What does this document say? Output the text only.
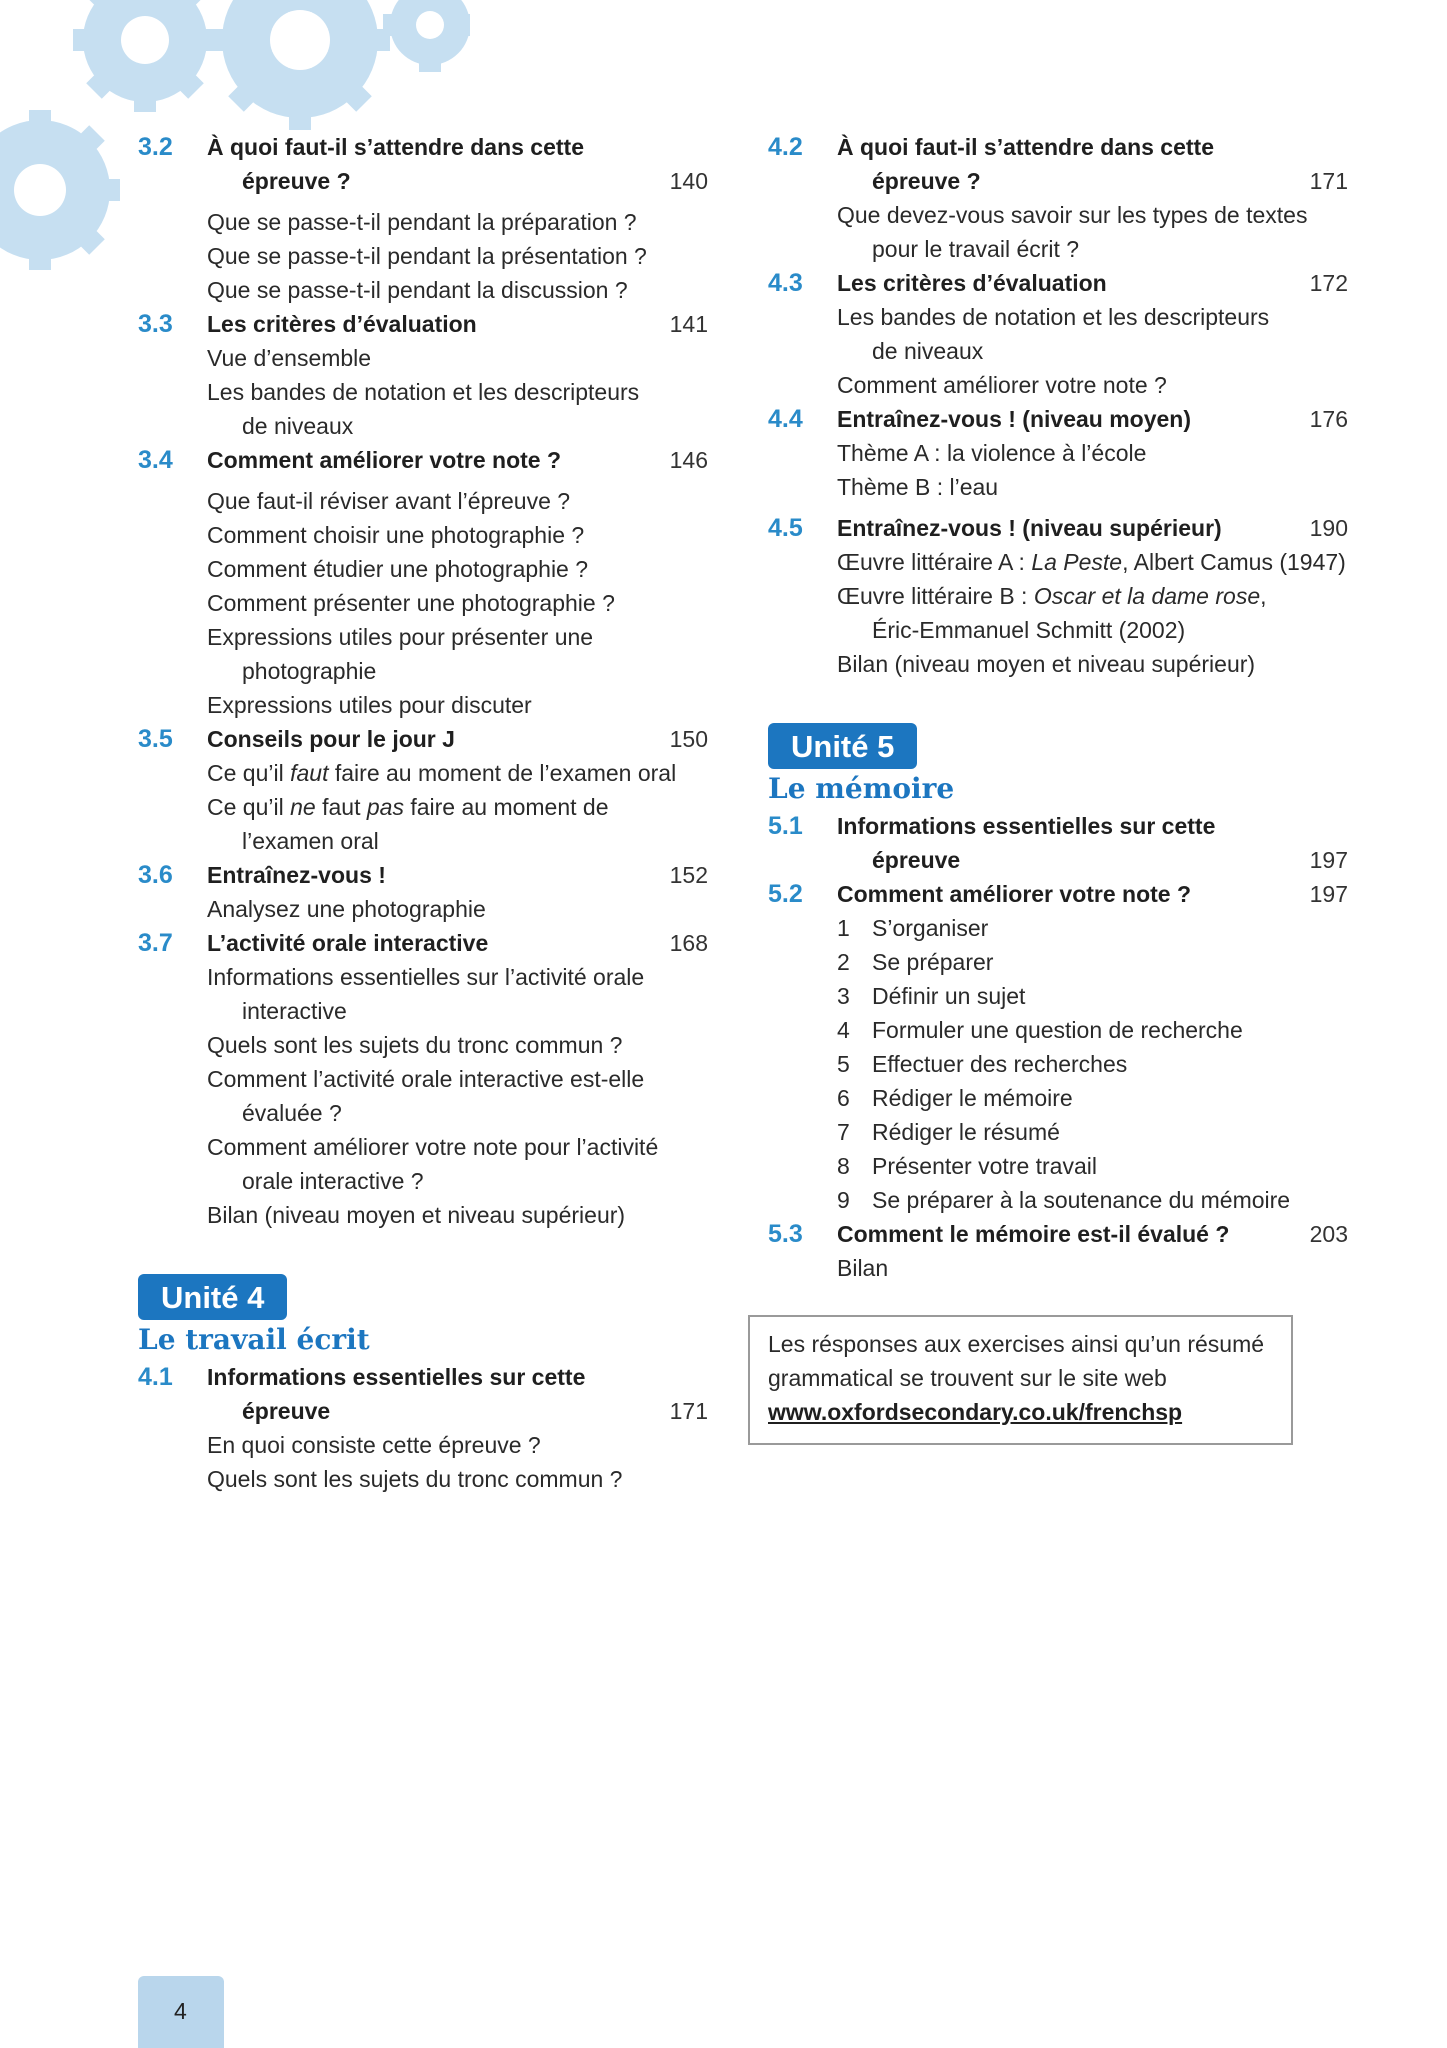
3.2 À quoi faut-il s’attendre dans cette
épreuve ?	140
Que se passe-t-il pendant la préparation ?
Que se passe-t-il pendant la présentation ?
Que se passe-t-il pendant la discussion ?
3.3 Les critères d’évaluation	141
Vue d’ensemble
Les bandes de notation et les descripteurs
de niveaux
3.4 Comment améliorer votre note ?	146
Que faut-il réviser avant l’épreuve ?
Comment choisir une photographie ?
Comment étudier une photographie ?
Comment présenter une photographie ?
Expressions utiles pour présenter une
photographie
Expressions utiles pour discuter
3.5 Conseils pour le jour J	150
Ce qu’il faut faire au moment de l’examen oral
Ce qu’il ne faut pas faire au moment de
l’examen oral
3.6 Entraînez-vous !	152
Analysez une photographie
3.7 L’activité orale interactive	168
Informations essentielles sur l’activité orale
interactive
Quels sont les sujets du tronc commun ?
Comment l’activité orale interactive est-elle
évaluée ?
Comment améliorer votre note pour l’activité
orale interactive ?
Bilan (niveau moyen et niveau supérieur)
Unité 4
Le travail écrit
4.1 Informations essentielles sur cette
épreuve	171
En quoi consiste cette épreuve ?
Quels sont les sujets du tronc commun ?
4.2 À quoi faut-il s’attendre dans cette
épreuve ?	171
Que devez-vous savoir sur les types de textes
pour le travail écrit ?
4.3 Les critères d’évaluation	172
Les bandes de notation et les descripteurs
de niveaux
Comment améliorer votre note ?
4.4 Entraînez-vous ! (niveau moyen)	176
Thème A : la violence à l’école
Thème B : l’eau
4.5 Entraînez-vous ! (niveau supérieur)	190
Œuvre littéraire A : La Peste, Albert Camus (1947)
Œuvre littéraire B : Oscar et la dame rose,
Éric-Emmanuel Schmitt (2002)
Bilan (niveau moyen et niveau supérieur)
Unité 5
Le mémoire
5.1 Informations essentielles sur cette
épreuve	197
5.2 Comment améliorer votre note ?	197
1 S’organiser
2 Se préparer
3 Définir un sujet
4 Formuler une question de recherche
5 Effectuer des recherches
6 Rédiger le mémoire
7 Rédiger le résumé
8 Présenter votre travail
9 Se préparer à la soutenance du mémoire
5.3 Comment le mémoire est-il évalué ?	203
Bilan
Les résponses aux exercises ainsi qu’un résumé
grammatical se trouvent sur le site web
www.oxfordsecondary.co.uk/frenchsp
4
